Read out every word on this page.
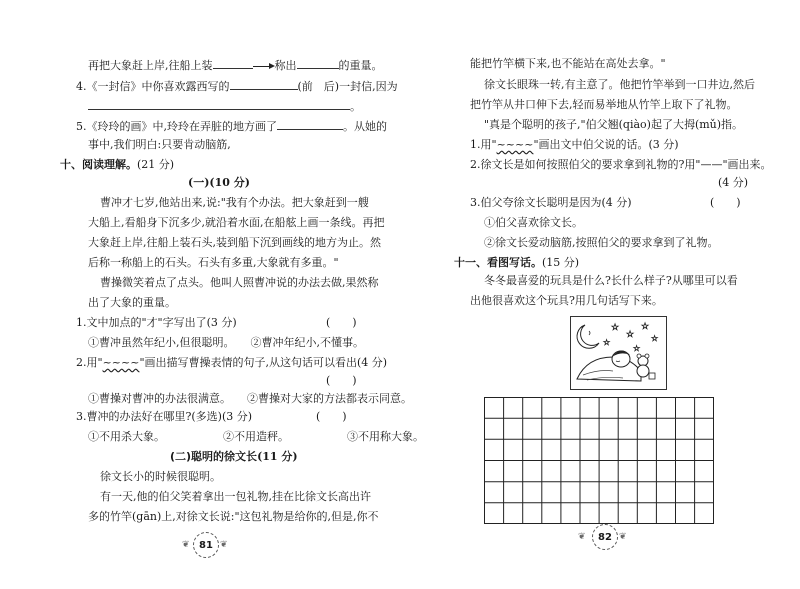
再把大象赶上岸,往船上装	称出	的重量。
4.《一封信》中你喜欢露西写的	(前　后)一封信,因为
。
5.《玲玲的画》中,玲玲在弄脏的地方画了	。从她的
事中,我们明白:只要肯动脑筋,
十、阅读理解。(21 分)
(一)(10 分)
曹冲才七岁,他站出来,说:"我有个办法。把大象赶到一艘
大船上,看船身下沉多少,就沿着水面,在船舷上画一条线。再把
大象赶上岸,往船上装石头,装到船下沉到画线的地方为止。然
后称一称船上的石头。石头有多重,大象就有多重。"
曹操微笑着点了点头。他叫人照曹冲说的办法去做,果然称
出了大象的重量。
1.文中加点的"才"字写出了(3 分)	(　　)
①曹冲虽然年纪小,但很聪明。 ②曹冲年纪小,不懂事。
2.用"~~~~"画出描写曹操表情的句子,从这句话可以看出(4 分)
(　　)
①曹操对曹冲的办法很满意。 ②曹操对大家的方法都表示同意。
3.曹冲的办法好在哪里?(多选)(3 分)	(　　)
①不用杀大象。	②不用造秤。	③不用称大象。
(二)聪明的徐文长(11 分)
徐文长小的时候很聪明。
有一天,他的伯父笑着拿出一包礼物,挂在比徐文长高出许
多的竹竿(gān)上,对徐文长说:"这包礼物是给你的,但是,你不
❦ 81 ❦
能把竹竿横下来,也不能站在高处去拿。"
徐文长眼珠一转,有主意了。他把竹竿举到一口井边,然后
把竹竿从井口伸下去,轻而易举地从竹竿上取下了礼物。
"真是个聪明的孩子,"伯父翘(qiào)起了大拇(mǔ)指。
1.用"~~~~"画出文中伯父说的话。(3 分)
2.徐文长是如何按照伯父的要求拿到礼物的?用"——"画出来。
(4 分)
3.伯父夸徐文长聪明是因为(4 分)	(　　)
①伯父喜欢徐文长。
②徐文长爱动脑筋,按照伯父的要求拿到了礼物。
十一、看图写话。(15 分)
冬冬最喜爱的玩具是什么?长什么样子?从哪里可以看
出他很喜欢这个玩具?用几句话写下来。
☆
☆
☆
☆
☆
☆
❦	82 ❦
